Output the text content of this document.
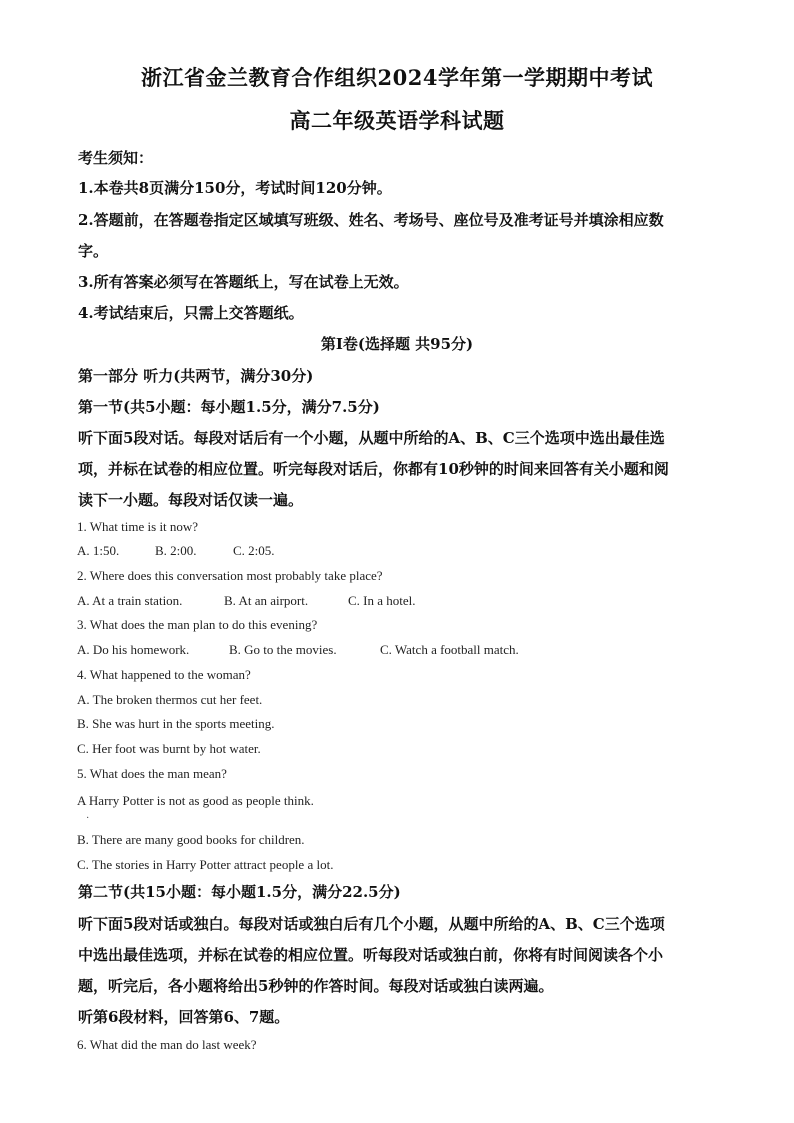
浙江省金兰教育合作组织2024学年第一学期期中考试
高二年级英语学科试题
考生须知：
1.本卷共8页满分150分，考试时间120分钟。
2.答题前，在答题卷指定区域填写班级、姓名、考场号、座位号及准考证号并填涂相应数
字。
3.所有答案必须写在答题纸上，写在试卷上无效。
4.考试结束后，只需上交答题纸。
第Ⅰ卷(选择题 共95分)
第一部分 听力(共两节，满分30分)
第一节(共5小题：每小题1.5分，满分7.5分)
听下面5段对话。每段对话后有一个小题，从题中所给的A、B、C三个选项中选出最佳选
项，并标在试卷的相应位置。听完每段对话后，你都有10秒钟的时间来回答有关小题和阅
读下一小题。每段对话仅读一遍。
1. What time is it now?
A. 1:50.	B. 2:00.	C. 2:05.
2. Where does this conversation most probably take place?
A. At a train station.	B. At an airport.	C. In a hotel.
3. What does the man plan to do this evening?
A. Do his homework.	B. Go to the movies.	C. Watch a football match.
4. What happened to the woman?
A. The broken thermos cut her feet.
B. She was hurt in the sports meeting.
C. Her foot was burnt by hot water.
5. What does the man mean?
A Harry Potter is not as good as people think.
·
B. There are many good books for children.
C. The stories in Harry Potter attract people a lot.
第二节(共15小题：每小题1.5分，满分22.5分)
听下面5段对话或独白。每段对话或独白后有几个小题，从题中所给的A、B、C三个选项
中选出最佳选项，并标在试卷的相应位置。听每段对话或独白前，你将有时间阅读各个小
题，听完后，各小题将给出5秒钟的作答时间。每段对话或独白读两遍。
听第6段材料，回答第6、7题。
6. What did the man do last week?
